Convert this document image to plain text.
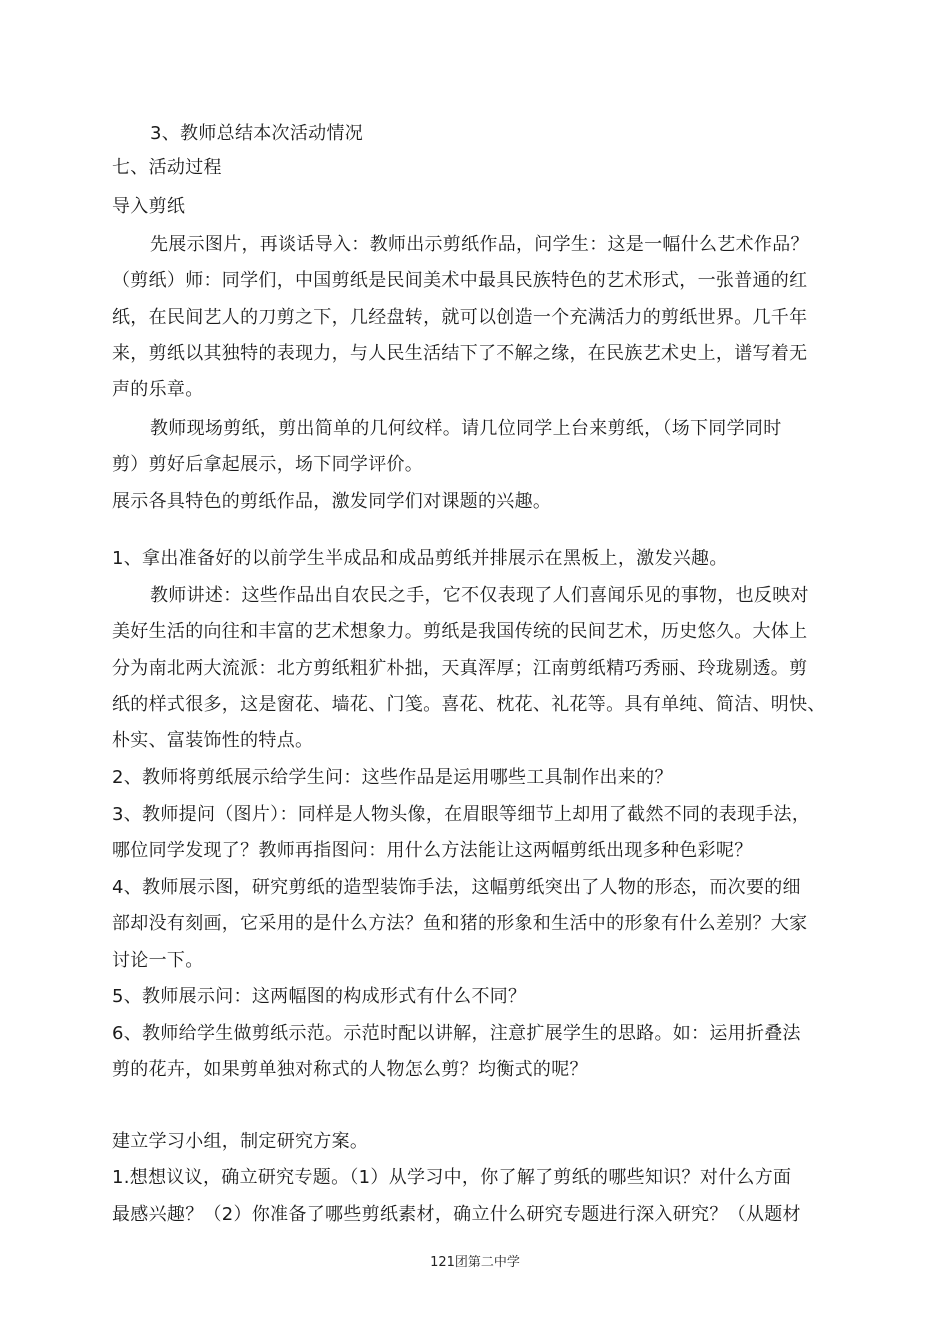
3、教师总结本次活动情况
七、活动过程
导入剪纸
先展示图片，再谈话导入：教师出示剪纸作品，问学生：这是一幅什么艺术作品？
（剪纸）师：同学们，中国剪纸是民间美术中最具民族特色的艺术形式，一张普通的红
纸，在民间艺人的刀剪之下，几经盘转，就可以创造一个充满活力的剪纸世界。几千年
来，剪纸以其独特的表现力，与人民生活结下了不解之缘，在民族艺术史上，谱写着无
声的乐章。
教师现场剪纸，剪出简单的几何纹样。请几位同学上台来剪纸，（场下同学同时
剪）剪好后拿起展示，场下同学评价。
展示各具特色的剪纸作品，激发同学们对课题的兴趣。
1、拿出准备好的以前学生半成品和成品剪纸并排展示在黑板上，激发兴趣。
教师讲述：这些作品出自农民之手，它不仅表现了人们喜闻乐见的事物，也反映对
美好生活的向往和丰富的艺术想象力。剪纸是我国传统的民间艺术，历史悠久。大体上
分为南北两大流派：北方剪纸粗犷朴拙，天真浑厚；江南剪纸精巧秀丽、玲珑剔透。剪
纸的样式很多，这是窗花、墙花、门笺。喜花、枕花、礼花等。具有单纯、简洁、明快、
朴实、富装饰性的特点。
2、教师将剪纸展示给学生问：这些作品是运用哪些工具制作出来的？
3、教师提问（图片）：同样是人物头像，在眉眼等细节上却用了截然不同的表现手法，
哪位同学发现了？教师再指图问：用什么方法能让这两幅剪纸出现多种色彩呢？
4、教师展示图，研究剪纸的造型装饰手法，这幅剪纸突出了人物的形态，而次要的细
部却没有刻画，它采用的是什么方法？鱼和猪的形象和生活中的形象有什么差别？大家
讨论一下。
5、教师展示问：这两幅图的构成形式有什么不同？
6、教师给学生做剪纸示范。示范时配以讲解，注意扩展学生的思路。如：运用折叠法
剪的花卉，如果剪单独对称式的人物怎么剪？均衡式的呢？
建立学习小组，制定研究方案。
1.想想议议，确立研究专题。（1）从学习中，你了解了剪纸的哪些知识？对什么方面
最感兴趣？（2）你准备了哪些剪纸素材，确立什么研究专题进行深入研究？（从题材
121团第二中学
